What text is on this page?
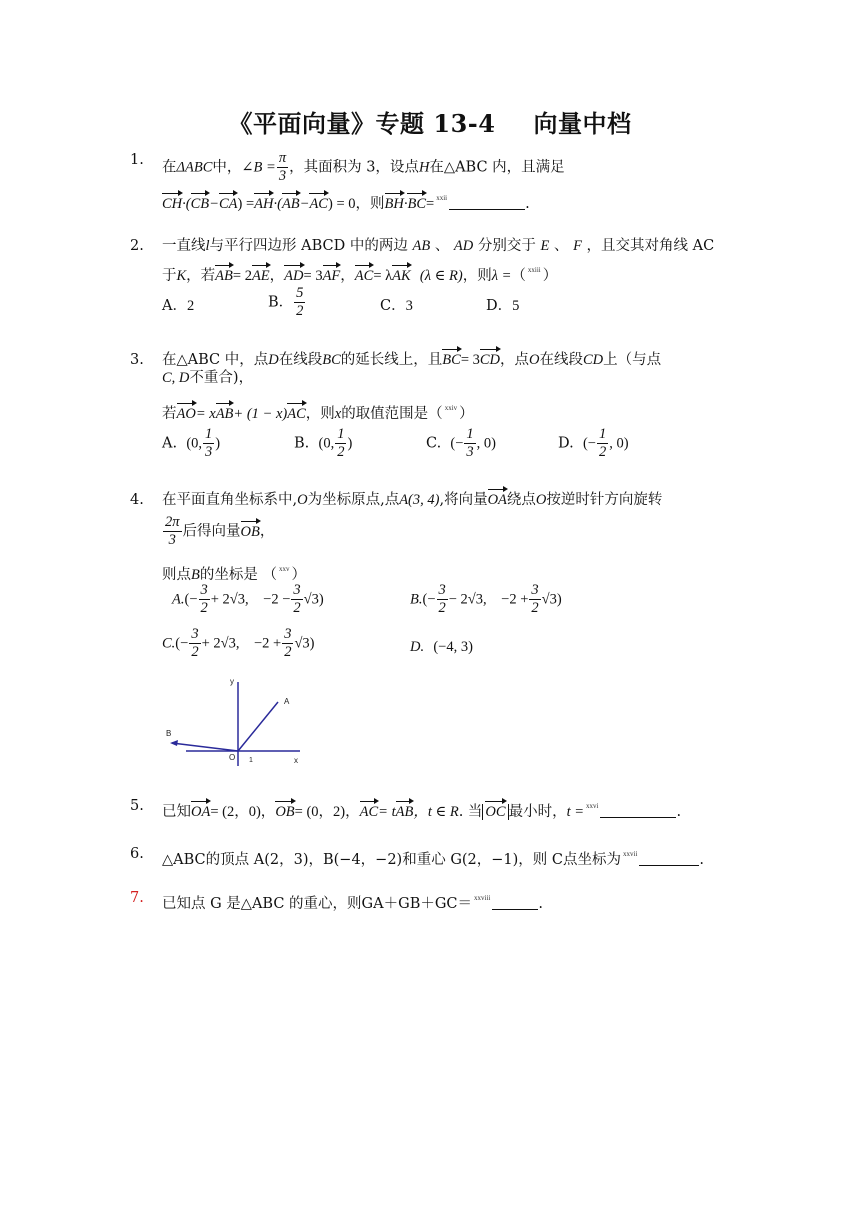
《平面向量》专题 13-4 向量中档
1.	在ΔABC中，∠B = $\frac{\pi}{3}$ ，其面积为 3，设点H在△ABC 内，且满足
CH·(CB−CA) =AH·(AB−AC) = 0，则BH·BC= $^{xxii}$	.
2.	一直线l与平行四边形 ABCD 中的两边 AB 、 AD 分别交于 E 、 F ，且交其对角线 AC
于K，若AB= 2AE，AD= 3AF，AC= λAK (λ ∈ R)，则λ =（ $^{xxiii}$ ）
A．2	B． $\frac{5}{2}$	C．3	D．5
3.	在△ABC 中，点D在线段BC的延长线上，且BC= 3CD，点O在线段CD上（与点
C, D不重合)，
若AO= xAB+ (1 − x)AC，则x的取值范围是（ $^{xxiv}$ ）
A. (0, $\frac{1}{3}$ )	B. (0, $\frac{1}{2}$ )	C. (− $\frac{1}{3}$ , 0)	D. (− $\frac{1}{2}$ , 0)
4.	在平面直角坐标系中,O为坐标原点,点A(3, 4),将向量OA绕点O按逆时针方向旋转
$\frac{2\pi}{3}$ 后得向量OB，
则点B的坐标是 （ $^{xxv}$ ）
$A.(- \frac{3}{2} + 2√3$,　$-2 - \frac{3}{2} √3$)	$B.(- \frac{3}{2} - 2√3$,　$-2 + \frac{3}{2} √3$)
$C.(- \frac{3}{2} + 2√3$,　$-2 + \frac{3}{2} √3$)	D. (−4, 3)
y
A
B
O 1	x
5.	已知OA= (2，0)，OB= (0，2)，AC= tAB，t ∈ R. 当 OC 最小时，t = $^{xxvi}$	.
6.	△ABC的顶点 A(2，3)，B(−4，−2)和重心 G(2，−1)，则 C点坐标为 $^{xxvii}$	.
7.	已知点 G 是△ABC 的重心，则GA＋GB＋GC＝ $^{xxviii}$	.
